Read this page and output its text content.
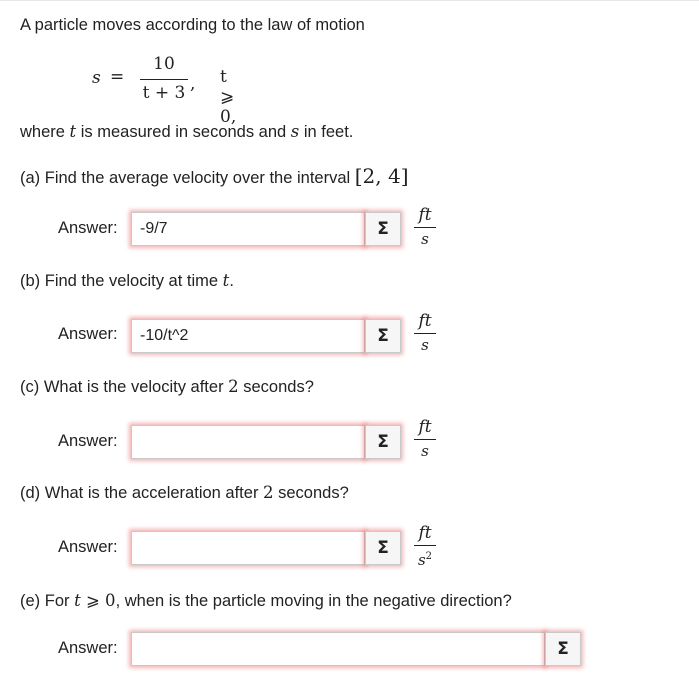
A particle moves according to the law of motion
s =
10
t + 3 , t ⩾ 0,
where t is measured in seconds and s in feet.
(a) Find the average velocity over the interval [2, 4]
Answer:	-9/7	Σ
ft
s
(b) Find the velocity at time t.
Answer:	-10/t^2	Σ
ft
s
(c) What is the velocity after 2 seconds?
Answer:	Σ
ft
s
(d) What is the acceleration after 2 seconds?
Answer:	Σ
ft
$s^2$
(e) For t ⩾ 0, when is the particle moving in the negative direction?
Answer:	Σ
